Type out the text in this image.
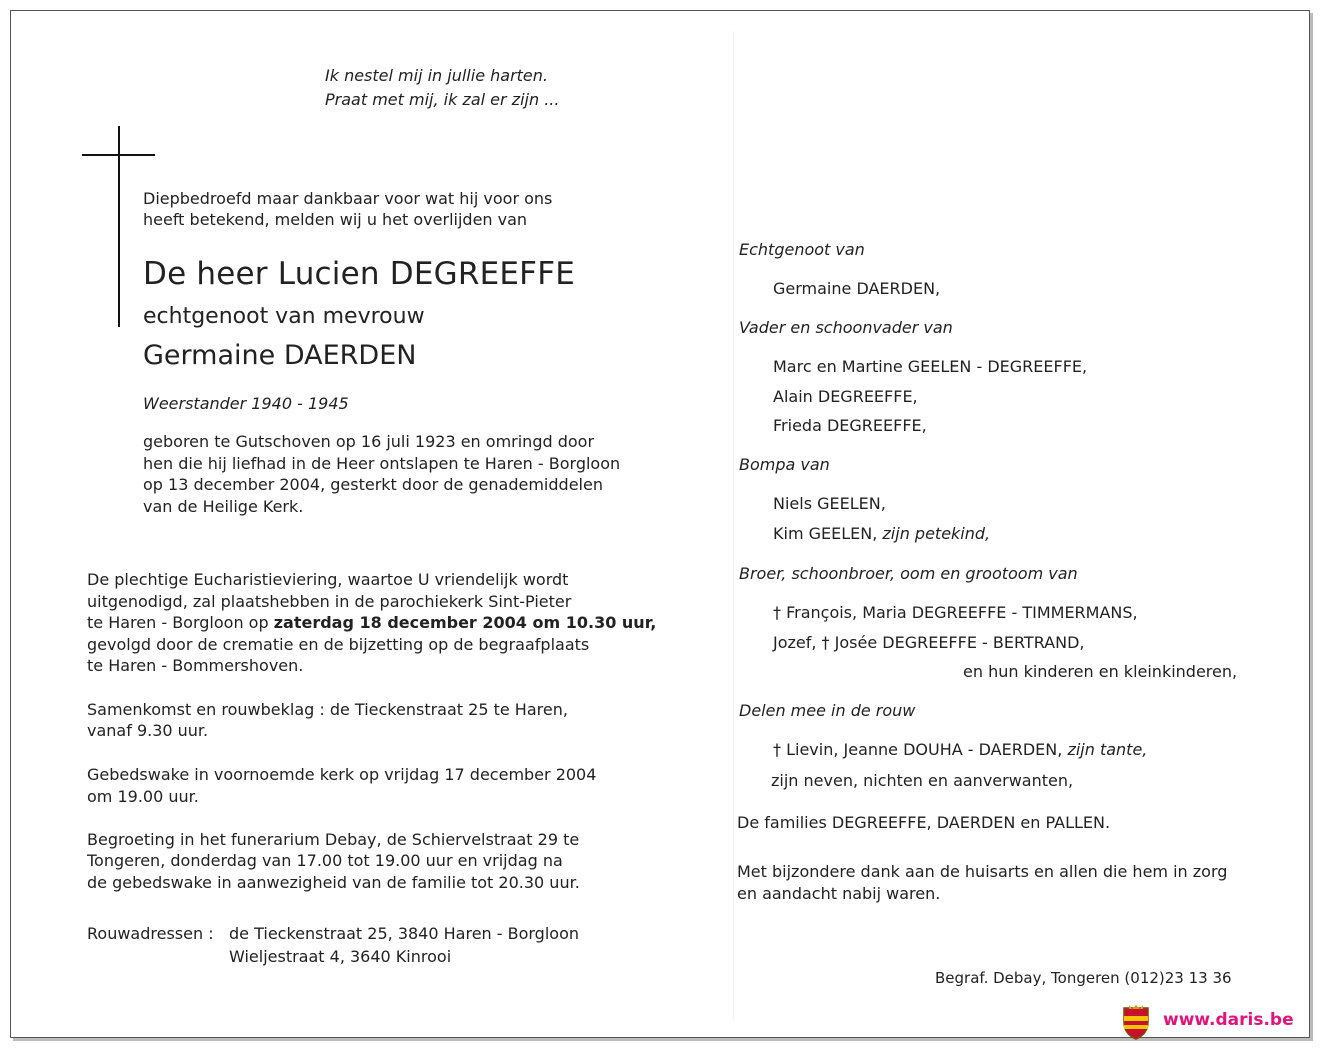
Ik nestel mij in jullie harten.
Praat met mij, ik zal er zijn ...
Diepbedroefd maar dankbaar voor wat hij voor ons
heeft betekend, melden wij u het overlijden van
De heer Lucien DEGREEFFE
echtgenoot van mevrouw
Germaine DAERDEN
Weerstander 1940 - 1945
geboren te Gutschoven op 16 juli 1923 en omringd door
hen die hij liefhad in de Heer ontslapen te Haren - Borgloon
op 13 december 2004, gesterkt door de genademiddelen
van de Heilige Kerk.
De plechtige Eucharistieviering, waartoe U vriendelijk wordt
uitgenodigd, zal plaatshebben in de parochiekerk Sint-Pieter
te Haren - Borgloon op zaterdag 18 december 2004 om 10.30 uur,
gevolgd door de crematie en de bijzetting op de begraafplaats
te Haren - Bommershoven.
Samenkomst en rouwbeklag : de Tieckenstraat 25 te Haren,
vanaf 9.30 uur.
Gebedswake in voornoemde kerk op vrijdag 17 december 2004
om 19.00 uur.
Begroeting in het funerarium Debay, de Schiervelstraat 29 te
Tongeren, donderdag van 17.00 tot 19.00 uur en vrijdag na
de gebedswake in aanwezigheid van de familie tot 20.30 uur.
Rouwadressen : de Tieckenstraat 25, 3840 Haren - Borgloon
Wieljestraat 4, 3640 Kinrooi
Echtgenoot van
Germaine DAERDEN,
Vader en schoonvader van
Marc en Martine GEELEN - DEGREEFFE,
Alain DEGREEFFE,
Frieda DEGREEFFE,
Bompa van
Niels GEELEN,
Kim GEELEN, zijn petekind,
Broer, schoonbroer, oom en grootoom van
† François, Maria DEGREEFFE - TIMMERMANS,
Jozef, † Josée DEGREEFFE - BERTRAND,
en hun kinderen en kleinkinderen,
Delen mee in de rouw
† Lievin, Jeanne DOUHA - DAERDEN, zijn tante,
zijn neven, nichten en aanverwanten,
De families DEGREEFFE, DAERDEN en PALLEN.
Met bijzondere dank aan de huisarts en allen die hem in zorg
en aandacht nabij waren.
Begraf. Debay, Tongeren (012)23 13 36
www.daris.be
